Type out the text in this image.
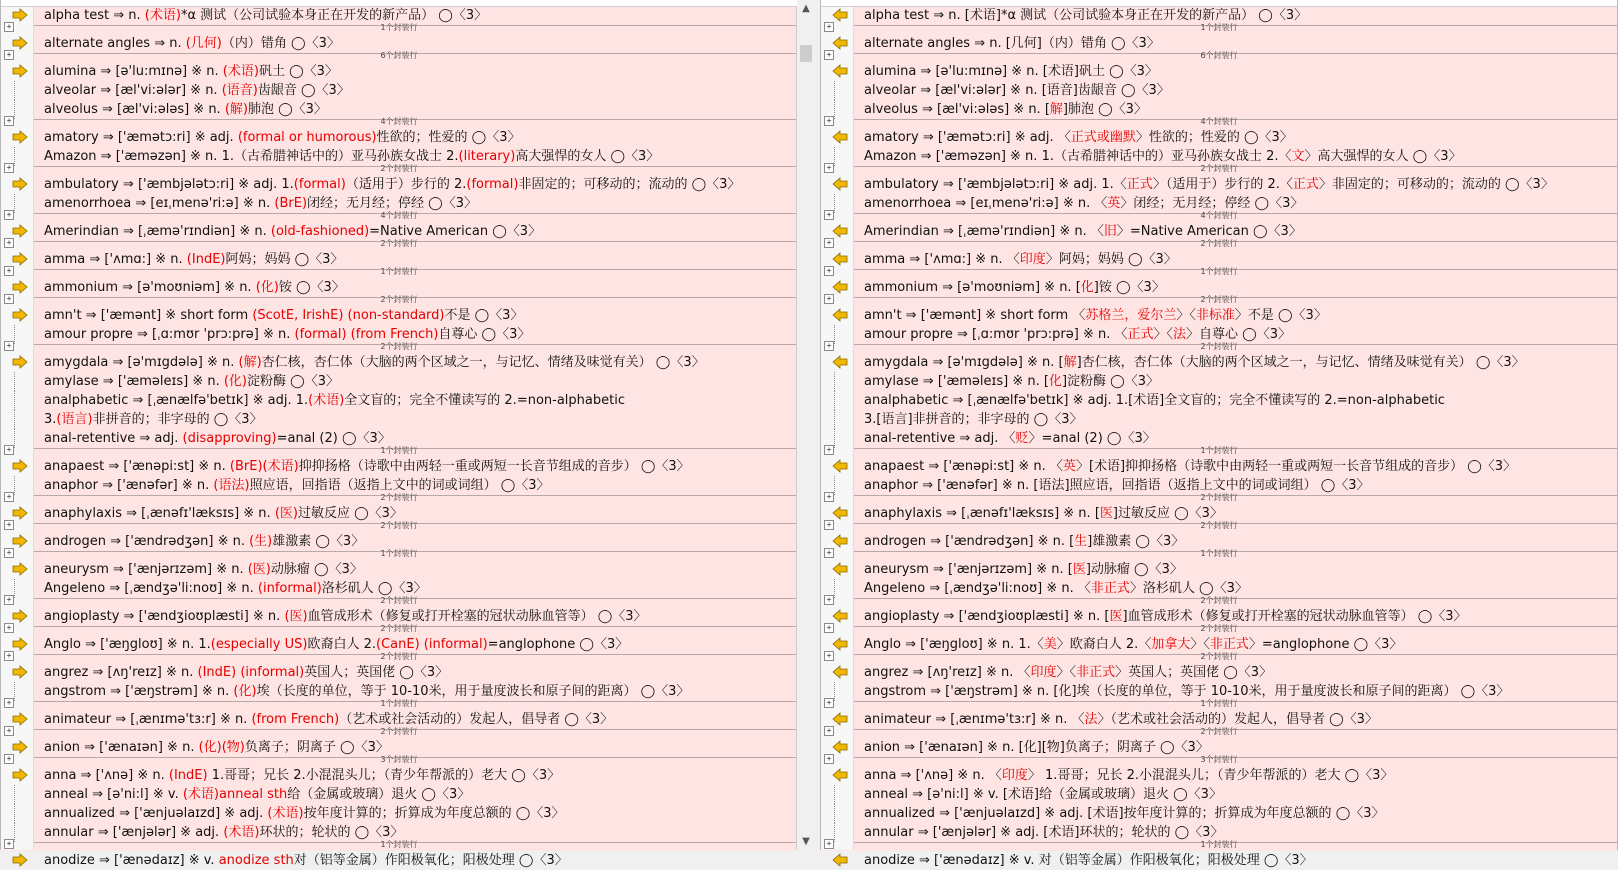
alpha test ⇒ n. (术语)*α 测试（公司试验本身正在开发的新产品） ◯〈3〉
+	1个封装行
alternate angles ⇒ n. (几何)（内）错角 ◯〈3〉
+	6个封装行
alumina ⇒ [ə'lu:mɪnə] ※ n. (术语)矾土 ◯〈3〉
alveolar ⇒ [æl'vi:ələr] ※ n. (语音)齿龈音 ◯〈3〉
alveolus ⇒ [æl'vi:ələs] ※ n. (解)肺泡 ◯〈3〉
+	4个封装行
amatory ⇒ ['æmətɔ:ri] ※ adj. (formal or humorous)性欲的；性爱的 ◯〈3〉
Amazon ⇒ ['æməzən] ※ n. 1.（古希腊神话中的）亚马孙族女战士 2.(literary)高大强悍的女人 ◯〈3〉
+	2个封装行
ambulatory ⇒ ['æmbjələtɔ:ri] ※ adj. 1.(formal)（适用于）步行的 2.(formal)非固定的；可移动的；流动的 ◯〈3〉
amenorrhoea ⇒ [eɪˌmenə'ri:ə] ※ n. (BrE)闭经；无月经；停经 ◯〈3〉
+	4个封装行
Amerindian ⇒ [ˌæmə'rɪndiən] ※ n. (old-fashioned)=Native American ◯〈3〉
+	2个封装行
amma ⇒ ['ʌmɑ:] ※ n. (IndE)阿妈；妈妈 ◯〈3〉
+	1个封装行
ammonium ⇒ [ə'moʊniəm] ※ n. (化)铵 ◯〈3〉
+	2个封装行
amn't ⇒ ['æmənt] ※ short form (ScotE, IrishE) (non-standard)不是 ◯〈3〉
amour propre ⇒ [ˌɑ:mʊr 'prɔ:prə] ※ n. (formal) (from French)自尊心 ◯〈3〉
+	2个封装行
amygdala ⇒ [ə'mɪgdələ] ※ n. (解)杏仁核，杏仁体（大脑的两个区域之一，与记忆、情绪及味觉有关） ◯〈3〉
amylase ⇒ ['æməleɪs] ※ n. (化)淀粉酶 ◯〈3〉
analphabetic ⇒ [ˌænælfə'betɪk] ※ adj. 1.(术语)全文盲的；完全不懂读写的 2.=non-alphabetic
3.(语言)非拼音的；非字母的 ◯〈3〉
anal-retentive ⇒ adj. (disapproving)=anal (2) ◯〈3〉
+	1个封装行
anapaest ⇒ ['ænəpi:st] ※ n. (BrE)(术语)抑抑扬格（诗歌中由两轻一重或两短一长音节组成的音步） ◯〈3〉
anaphor ⇒ ['ænəfər] ※ n. (语法)照应语，回指语（返指上文中的词或词组） ◯〈3〉
+	2个封装行
anaphylaxis ⇒ [ˌænəfɪ'læksɪs] ※ n. (医)过敏反应 ◯〈3〉
+	2个封装行
androgen ⇒ ['ændrədʒən] ※ n. (生)雄激素 ◯〈3〉
+	1个封装行
aneurysm ⇒ ['ænjərɪzəm] ※ n. (医)动脉瘤 ◯〈3〉
Angeleno ⇒ [ˌændʒə'li:noʊ] ※ n. (informal)洛杉矶人 ◯〈3〉
+	2个封装行
angioplasty ⇒ ['ændʒioʊplæsti] ※ n. (医)血管成形术（修复或打开栓塞的冠状动脉血管等） ◯〈3〉
+	2个封装行
Anglo ⇒ ['æŋgloʊ] ※ n. 1.(especially US)欧裔白人 2.(CanE) (informal)=anglophone ◯〈3〉
+	2个封装行
angrez ⇒ [ʌŋ'reɪz] ※ n. (IndE) (informal)英国人；英国佬 ◯〈3〉
angstrom ⇒ ['æŋstrəm] ※ n. (化)埃（长度的单位，等于 10-10米，用于量度波长和原子间的距离） ◯〈3〉
+	1个封装行
animateur ⇒ [ˌænɪmə'tɜ:r] ※ n. (from French)（艺术或社会活动的）发起人，倡导者 ◯〈3〉
+	2个封装行
anion ⇒ ['ænaɪən] ※ n. (化)(物)负离子；阴离子 ◯〈3〉
+	3个封装行
anna ⇒ ['ʌnə] ※ n. (IndE) 1.哥哥；兄长 2.小混混头儿；（青少年帮派的）老大 ◯〈3〉
anneal ⇒ [ə'ni:l] ※ v. (术语)anneal sth给（金属或玻璃）退火 ◯〈3〉
annualized ⇒ ['ænjuəlaɪzd] ※ adj. (术语)按年度计算的；折算成为年度总额的 ◯〈3〉
annular ⇒ ['ænjələr] ※ adj. (术语)环状的；轮状的 ◯〈3〉
+	1个封装行
anodize ⇒ ['ænədaɪz] ※ v. anodize sth对（铝等金属）作阳极氧化；阳极处理 ◯〈3〉
▲
▼
alpha test ⇒ n. [术语]*α 测试（公司试验本身正在开发的新产品） ◯〈3〉
+	1个封装行
alternate angles ⇒ n. [几何]（内）错角 ◯〈3〉
+	6个封装行
alumina ⇒ [ə'lu:mɪnə] ※ n. [术语]矾土 ◯〈3〉
alveolar ⇒ [æl'vi:ələr] ※ n. [语音]齿龈音 ◯〈3〉
alveolus ⇒ [æl'vi:ələs] ※ n. [解]肺泡 ◯〈3〉
+	4个封装行
amatory ⇒ ['æmətɔ:ri] ※ adj. 〈正式或幽默〉性欲的；性爱的 ◯〈3〉
Amazon ⇒ ['æməzən] ※ n. 1.（古希腊神话中的）亚马孙族女战士 2.〈文〉高大强悍的女人 ◯〈3〉
+	2个封装行
ambulatory ⇒ ['æmbjələtɔ:ri] ※ adj. 1.〈正式〉（适用于）步行的 2.〈正式〉非固定的；可移动的；流动的 ◯〈3〉
amenorrhoea ⇒ [eɪˌmenə'ri:ə] ※ n. 〈英〉闭经；无月经；停经 ◯〈3〉
+	4个封装行
Amerindian ⇒ [ˌæmə'rɪndiən] ※ n. 〈旧〉=Native American ◯〈3〉
+	2个封装行
amma ⇒ ['ʌmɑ:] ※ n. 〈印度〉阿妈；妈妈 ◯〈3〉
+	1个封装行
ammonium ⇒ [ə'moʊniəm] ※ n. [化]铵 ◯〈3〉
+	2个封装行
amn't ⇒ ['æmənt] ※ short form 〈苏格兰，爱尔兰〉〈非标准〉不是 ◯〈3〉
amour propre ⇒ [ˌɑ:mʊr 'prɔ:prə] ※ n. 〈正式〉〈法〉自尊心 ◯〈3〉
+	2个封装行
amygdala ⇒ [ə'mɪgdələ] ※ n. [解]杏仁核，杏仁体（大脑的两个区域之一，与记忆、情绪及味觉有关） ◯〈3〉
amylase ⇒ ['æməleɪs] ※ n. [化]淀粉酶 ◯〈3〉
analphabetic ⇒ [ˌænælfə'betɪk] ※ adj. 1.[术语]全文盲的；完全不懂读写的 2.=non-alphabetic
3.[语言]非拼音的；非字母的 ◯〈3〉
anal-retentive ⇒ adj. 〈贬〉=anal (2) ◯〈3〉
+	1个封装行
anapaest ⇒ ['ænəpi:st] ※ n. 〈英〉[术语]抑抑扬格（诗歌中由两轻一重或两短一长音节组成的音步） ◯〈3〉
anaphor ⇒ ['ænəfər] ※ n. [语法]照应语，回指语（返指上文中的词或词组） ◯〈3〉
+	2个封装行
anaphylaxis ⇒ [ˌænəfɪ'læksɪs] ※ n. [医]过敏反应 ◯〈3〉
+	2个封装行
androgen ⇒ ['ændrədʒən] ※ n. [生]雄激素 ◯〈3〉
+	1个封装行
aneurysm ⇒ ['ænjərɪzəm] ※ n. [医]动脉瘤 ◯〈3〉
Angeleno ⇒ [ˌændʒə'li:noʊ] ※ n. 〈非正式〉洛杉矶人 ◯〈3〉
+	2个封装行
angioplasty ⇒ ['ændʒioʊplæsti] ※ n. [医]血管成形术（修复或打开栓塞的冠状动脉血管等） ◯〈3〉
+	2个封装行
Anglo ⇒ ['æŋgloʊ] ※ n. 1.〈美〉欧裔白人 2.〈加拿大〉〈非正式〉=anglophone ◯〈3〉
+	2个封装行
angrez ⇒ [ʌŋ'reɪz] ※ n. 〈印度〉〈非正式〉英国人；英国佬 ◯〈3〉
angstrom ⇒ ['æŋstrəm] ※ n. [化]埃（长度的单位，等于 10-10米，用于量度波长和原子间的距离） ◯〈3〉
+	1个封装行
animateur ⇒ [ˌænɪmə'tɜ:r] ※ n. 〈法〉（艺术或社会活动的）发起人，倡导者 ◯〈3〉
+	2个封装行
anion ⇒ ['ænaɪən] ※ n. [化][物]负离子；阴离子 ◯〈3〉
+	3个封装行
anna ⇒ ['ʌnə] ※ n. 〈印度〉 1.哥哥；兄长 2.小混混头儿；（青少年帮派的）老大 ◯〈3〉
anneal ⇒ [ə'ni:l] ※ v. [术语]给（金属或玻璃）退火 ◯〈3〉
annualized ⇒ ['ænjuəlaɪzd] ※ adj. [术语]按年度计算的；折算成为年度总额的 ◯〈3〉
annular ⇒ ['ænjələr] ※ adj. [术语]环状的；轮状的 ◯〈3〉
+	1个封装行
anodize ⇒ ['ænədaɪz] ※ v. 对（铝等金属）作阳极氧化；阳极处理 ◯〈3〉
